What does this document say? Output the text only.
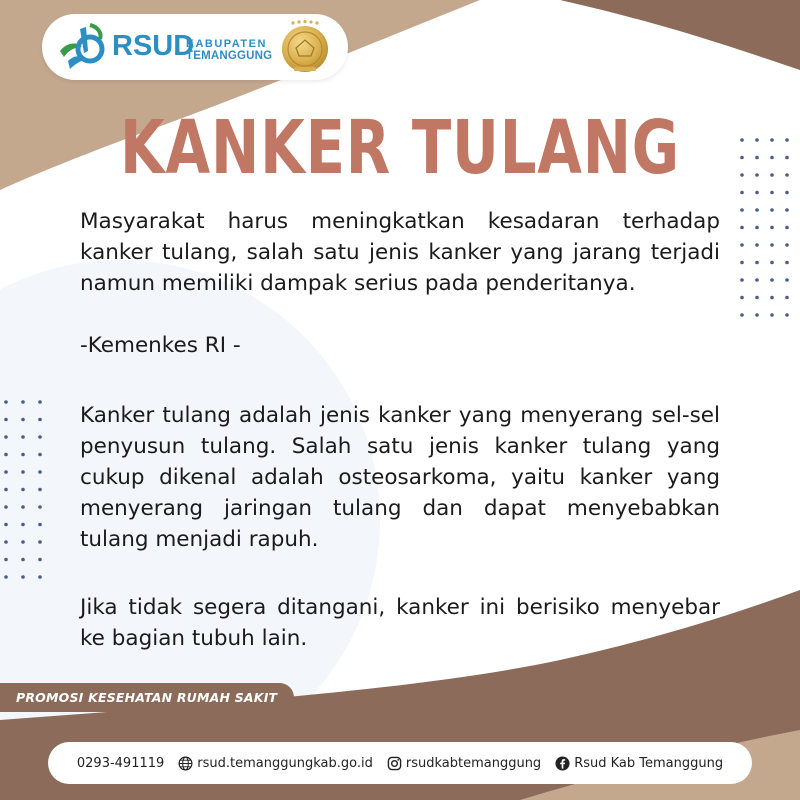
RSUD
KABUPATEN
TEMANGGUNG
KANKER TULANG
Masyarakat harus meningkatkan kesadaran terhadap kanker tulang, salah satu jenis kanker yang jarang terjadi namun memiliki dampak serius pada penderitanya.
-Kemenkes RI -
Kanker tulang adalah jenis kanker yang menyerang sel-sel penyusun tulang. Salah satu jenis kanker tulang yang cukup dikenal adalah osteosarkoma, yaitu kanker yang menyerang jaringan tulang dan dapat menyebabkan tulang menjadi rapuh.
Jika tidak segera ditangani, kanker ini berisiko menyebar ke bagian tubuh lain.
PROMOSI KESEHATAN RUMAH SAKIT
0293-491119	rsud.temanggungkab.go.id	rsudkabtemanggung	Rsud Kab Temanggung
